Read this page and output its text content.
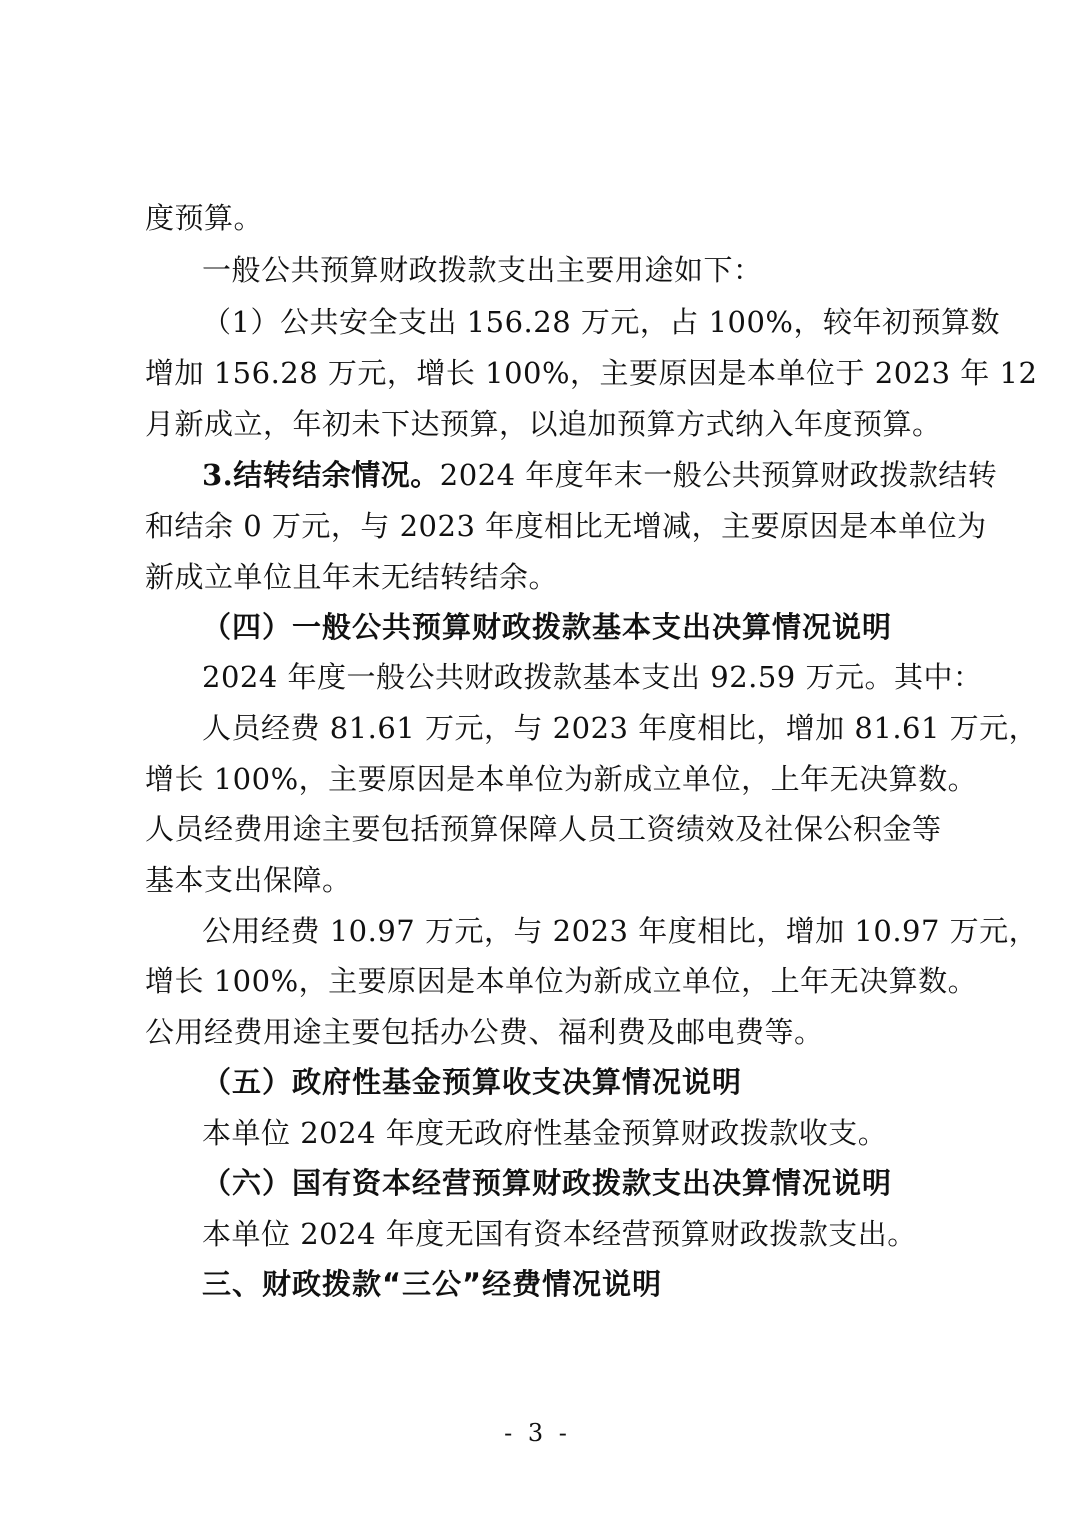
度预算。
一般公共预算财政拨款支出主要用途如下：
（1）公共安全支出 156.28 万元，占 100%，较年初预算数
增加 156.28 万元，增长 100%，主要原因是本单位于 2023 年 12
月新成立，年初未下达预算，以追加预算方式纳入年度预算。
3.结转结余情况。2024 年度年末一般公共预算财政拨款结转
和结余 0 万元，与 2023 年度相比无增减，主要原因是本单位为
新成立单位且年末无结转结余。
（四）一般公共预算财政拨款基本支出决算情况说明
2024 年度一般公共财政拨款基本支出 92.59 万元。其中：
人员经费 81.61 万元，与 2023 年度相比，增加 81.61 万元，
增长 100%，主要原因是本单位为新成立单位，上年无决算数。
人员经费用途主要包括预算保障人员工资绩效及社保公积金等
基本支出保障。
公用经费 10.97 万元，与 2023 年度相比，增加 10.97 万元，
增长 100%，主要原因是本单位为新成立单位，上年无决算数。
公用经费用途主要包括办公费、福利费及邮电费等。
（五）政府性基金预算收支决算情况说明
本单位 2024 年度无政府性基金预算财政拨款收支。
（六）国有资本经营预算财政拨款支出决算情况说明
本单位 2024 年度无国有资本经营预算财政拨款支出。
三、财政拨款“三公”经费情况说明
- 3 -
